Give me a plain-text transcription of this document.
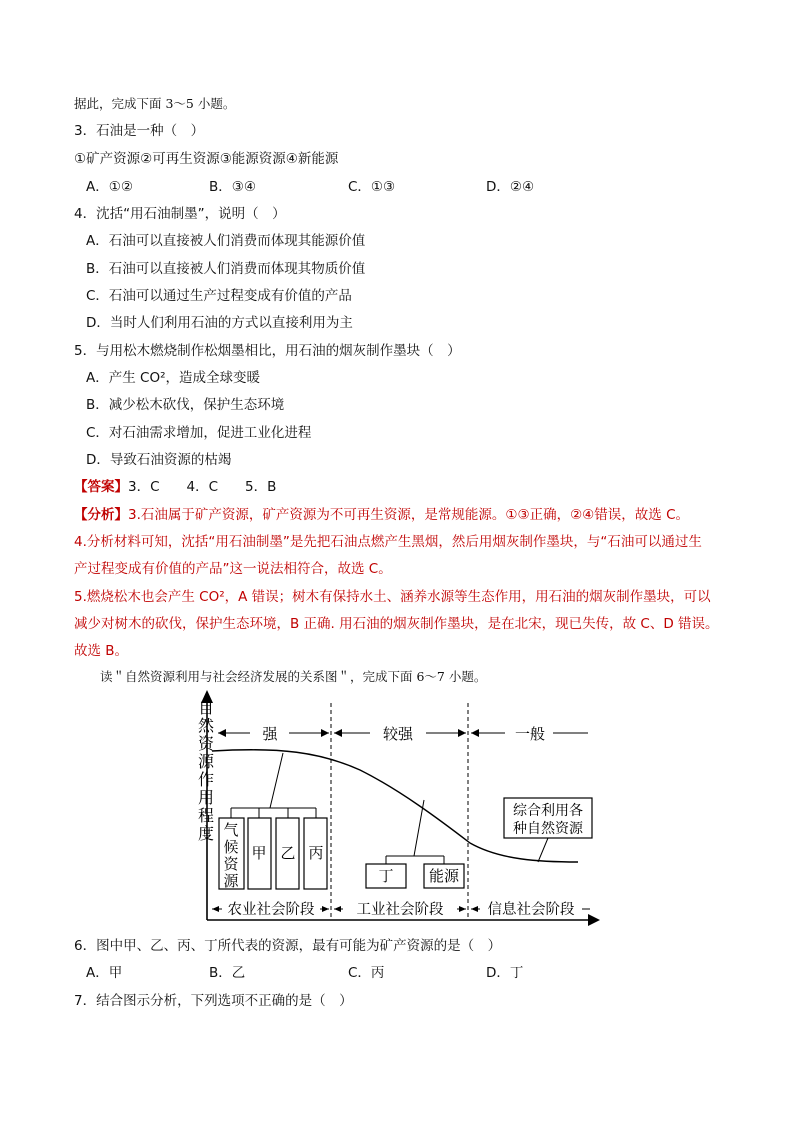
据此，完成下面 3～5 小题。
3．石油是一种（　）
①矿产资源②可再生资源③能源资源④新能源
A．①②	B．③④	C．①③	D．②④
4．沈括“用石油制墨”，说明（　）
A．石油可以直接被人们消费而体现其能源价值
B．石油可以直接被人们消费而体现其物质价值
C．石油可以通过生产过程变成有价值的产品
D．当时人们利用石油的方式以直接利用为主
5．与用松木燃烧制作松烟墨相比，用石油的烟灰制作墨块（　）
A．产生 CO²，造成全球变暖
B．减少松木砍伐，保护生态环境
C．对石油需求增加，促进工业化进程
D．导致石油资源的枯竭
【答案】3．C　　4．C　　5．B
【分析】3.石油属于矿产资源，矿产资源为不可再生资源，是常规能源。①③正确，②④错误，故选 C。
4.分析材料可知，沈括“用石油制墨”是先把石油点燃产生黑烟，然后用烟灰制作墨块，与“石油可以通过生
产过程变成有价值的产品”这一说法相符合，故选 C。
5.燃烧松木也会产生 CO²，A 错误；树木有保持水土、涵养水源等生态作用，用石油的烟灰制作墨块，可以
减少对树木的砍伐，保护生态环境，B 正确. 用石油的烟灰制作墨块，是在北宋，现已失传，故 C、D 错误。
故选 B。
读＂自然资源利用与社会经济发展的关系图＂，完成下面 6～7 小题。
自
然
资
源
作
用
程
度
强	较强	一般
气
候
资
源
甲 乙 丙
丁 能源
综合利用各
种自然资源
农业社会阶段	工业社会阶段	信息社会阶段
6．图中甲、乙、丙、丁所代表的资源，最有可能为矿产资源的是（　）
A．甲	B．乙	C．丙	D．丁
7．结合图示分析，下列选项不正确的是（　）
